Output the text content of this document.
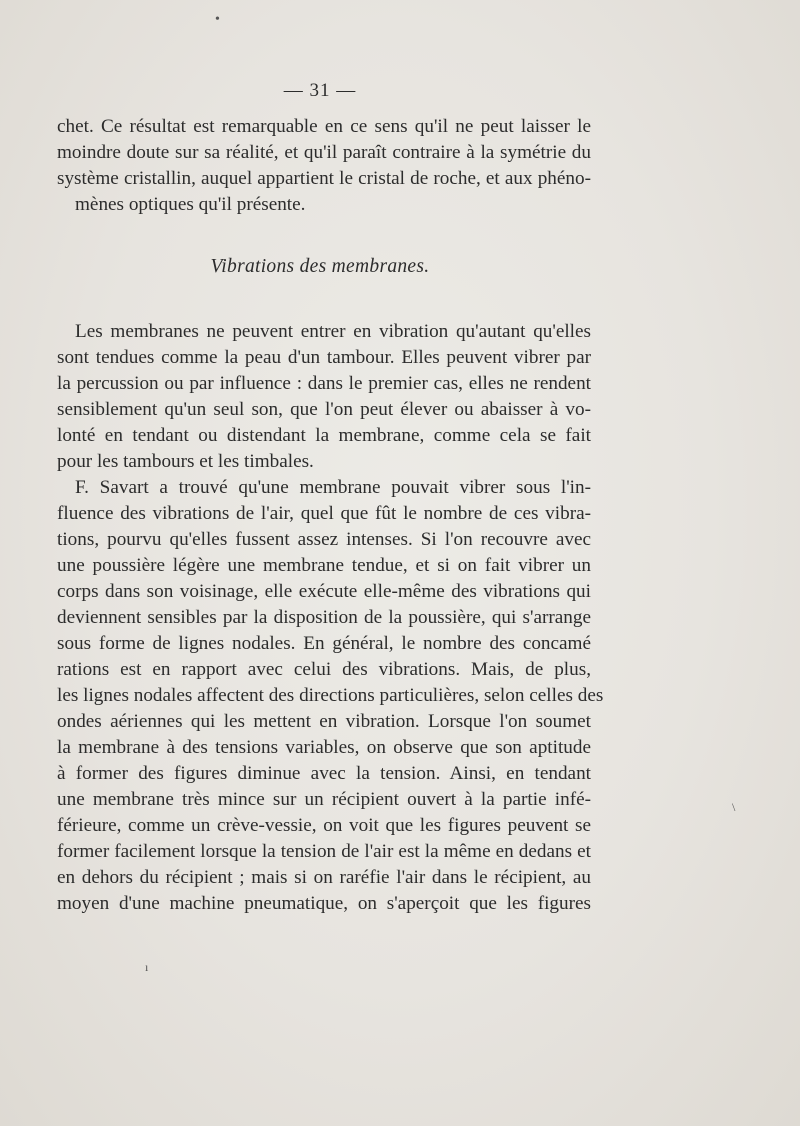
— 31 —
chet. Ce résultat est remarquable en ce sens qu'il ne peut laisser le
moindre doute sur sa réalité, et qu'il paraît contraire à la symétrie du
système cristallin, auquel appartient le cristal de roche, et aux phéno-
mènes optiques qu'il présente.
Vibrations des membranes.
Les membranes ne peuvent entrer en vibration qu'autant qu'elles
sont tendues comme la peau d'un tambour. Elles peuvent vibrer par
la percussion ou par influence : dans le premier cas, elles ne rendent
sensiblement qu'un seul son, que l'on peut élever ou abaisser à vo-
lonté en tendant ou distendant la membrane, comme cela se fait
pour les tambours et les timbales.
F. Savart a trouvé qu'une membrane pouvait vibrer sous l'in-
fluence des vibrations de l'air, quel que fût le nombre de ces vibra-
tions, pourvu qu'elles fussent assez intenses. Si l'on recouvre avec
une poussière légère une membrane tendue, et si on fait vibrer un
corps dans son voisinage, elle exécute elle-même des vibrations qui
deviennent sensibles par la disposition de la poussière, qui s'arrange
sous forme de lignes nodales. En général, le nombre des concamé
rations est en rapport avec celui des vibrations. Mais, de plus,
les lignes nodales affectent des directions particulières, selon celles des
ondes aériennes qui les mettent en vibration. Lorsque l'on soumet
la membrane à des tensions variables, on observe que son aptitude
à former des figures diminue avec la tension. Ainsi, en tendant
une membrane très mince sur un récipient ouvert à la partie infé-
férieure, comme un crève-vessie, on voit que les figures peuvent se
former facilement lorsque la tension de l'air est la même en dedans et
en dehors du récipient ; mais si on raréfie l'air dans le récipient, au
moyen d'une machine pneumatique, on s'aperçoit que les figures
•
ı
\
